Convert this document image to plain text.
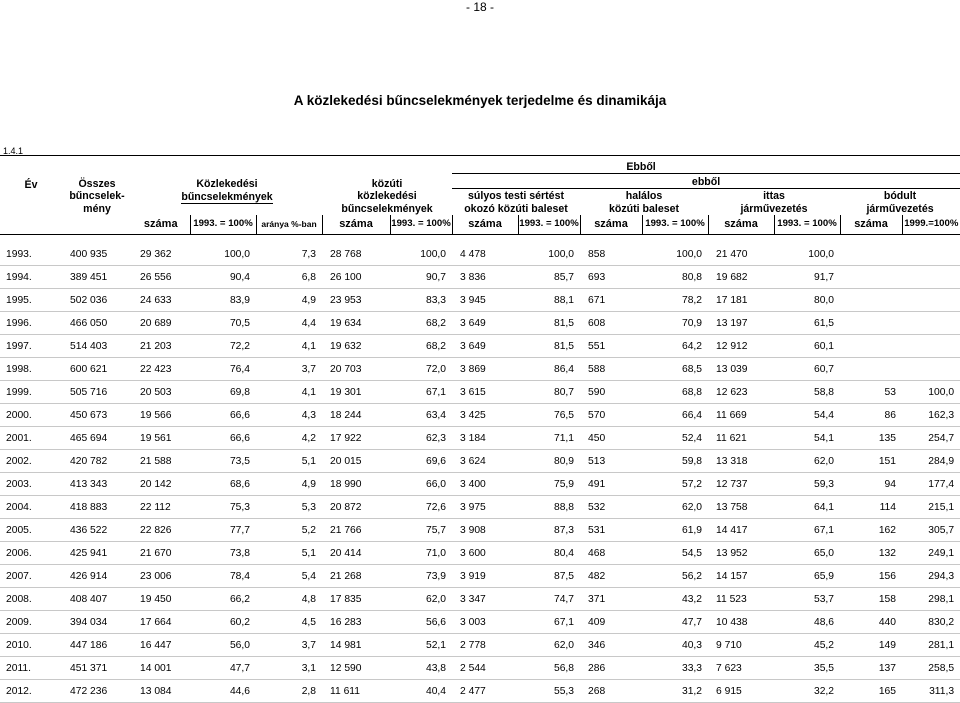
- 18 -
A közlekedési bűncselekmények terjedelme és dinamikája
1.4.1
Év	Összes
bűncselek-
mény	Közlekedési
bűncselekmények			Ebből									
					közúti
közlekedési
bűncselekmények		ebből							
							súlyos testi sértést
okozó közúti baleset		halálos
közúti baleset		ittas
járművezetés		bódult
járművezetés	
		száma	1993. = 100%	aránya %-ban	száma	1993. = 100%	száma	1993. = 100%	száma	1993. = 100%	száma	1993. = 100%	száma	1999.=100%

1993.	400 935	29 362	100,0	7,3	28 768	100,0	4 478	100,0	858	100,0	21 470	100,0		
1994.	389 451	26 556	90,4	6,8	26 100	90,7	3 836	85,7	693	80,8	19 682	91,7		
1995.	502 036	24 633	83,9	4,9	23 953	83,3	3 945	88,1	671	78,2	17 181	80,0		
1996.	466 050	20 689	70,5	4,4	19 634	68,2	3 649	81,5	608	70,9	13 197	61,5		
1997.	514 403	21 203	72,2	4,1	19 632	68,2	3 649	81,5	551	64,2	12 912	60,1		
1998.	600 621	22 423	76,4	3,7	20 703	72,0	3 869	86,4	588	68,5	13 039	60,7		
1999.	505 716	20 503	69,8	4,1	19 301	67,1	3 615	80,7	590	68,8	12 623	58,8	53	100,0
2000.	450 673	19 566	66,6	4,3	18 244	63,4	3 425	76,5	570	66,4	11 669	54,4	86	162,3
2001.	465 694	19 561	66,6	4,2	17 922	62,3	3 184	71,1	450	52,4	11 621	54,1	135	254,7
2002.	420 782	21 588	73,5	5,1	20 015	69,6	3 624	80,9	513	59,8	13 318	62,0	151	284,9
2003.	413 343	20 142	68,6	4,9	18 990	66,0	3 400	75,9	491	57,2	12 737	59,3	94	177,4
2004.	418 883	22 112	75,3	5,3	20 872	72,6	3 975	88,8	532	62,0	13 758	64,1	114	215,1
2005.	436 522	22 826	77,7	5,2	21 766	75,7	3 908	87,3	531	61,9	14 417	67,1	162	305,7
2006.	425 941	21 670	73,8	5,1	20 414	71,0	3 600	80,4	468	54,5	13 952	65,0	132	249,1
2007.	426 914	23 006	78,4	5,4	21 268	73,9	3 919	87,5	482	56,2	14 157	65,9	156	294,3
2008.	408 407	19 450	66,2	4,8	17 835	62,0	3 347	74,7	371	43,2	11 523	53,7	158	298,1
2009.	394 034	17 664	60,2	4,5	16 283	56,6	3 003	67,1	409	47,7	10 438	48,6	440	830,2
2010.	447 186	16 447	56,0	3,7	14 981	52,1	2 778	62,0	346	40,3	9 710	45,2	149	281,1
2011.	451 371	14 001	47,7	3,1	12 590	43,8	2 544	56,8	286	33,3	7 623	35,5	137	258,5
2012.	472 236	13 084	44,6	2,8	11 611	40,4	2 477	55,3	268	31,2	6 915	32,2	165	311,3
